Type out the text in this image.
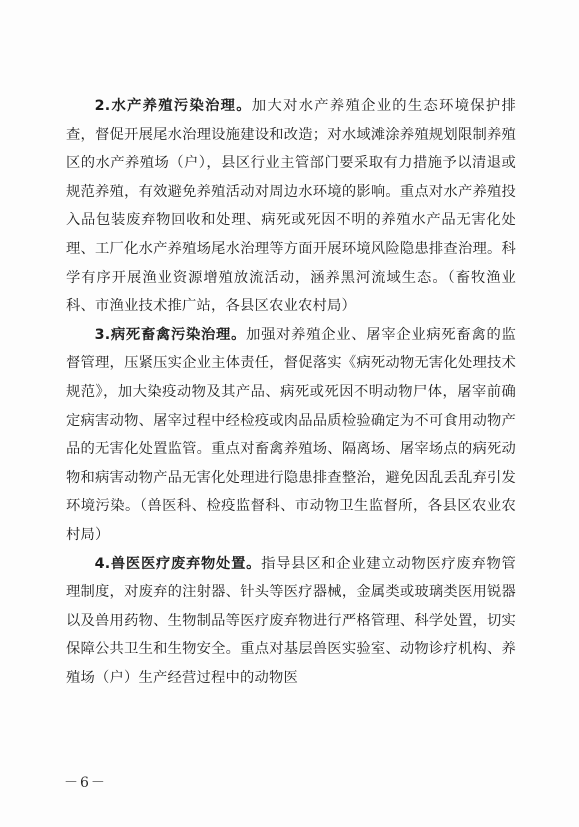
2.水产养殖污染治理。加大对水产养殖企业的生态环境保护排查，督促开展尾水治理设施建设和改造；对水域滩涂养殖规划限制养殖区的水产养殖场（户），县区行业主管部门要采取有力措施予以清退或规范养殖，有效避免养殖活动对周边水环境的影响。重点对水产养殖投入品包装废弃物回收和处理、病死或死因不明的养殖水产品无害化处理、工厂化水产养殖场尾水治理等方面开展环境风险隐患排查治理。科学有序开展渔业资源增殖放流活动，涵养黑河流域生态。（畜牧渔业科、市渔业技术推广站，各县区农业农村局）

3.病死畜禽污染治理。加强对养殖企业、屠宰企业病死畜禽的监督管理，压紧压实企业主体责任，督促落实《病死动物无害化处理技术规范》，加大染疫动物及其产品、病死或死因不明动物尸体，屠宰前确定病害动物、屠宰过程中经检疫或肉品品质检验确定为不可食用动物产品的无害化处置监管。重点对畜禽养殖场、隔离场、屠宰场点的病死动物和病害动物产品无害化处理进行隐患排查整治，避免因乱丢乱弃引发环境污染。（兽医科、检疫监督科、市动物卫生监督所，各县区农业农村局）

4.兽医医疗废弃物处置。指导县区和企业建立动物医疗废弃物管理制度，对废弃的注射器、针头等医疗器械，金属类或玻璃类医用锐器以及兽用药物、生物制品等医疗废弃物进行严格管理、科学处置，切实保障公共卫生和生物安全。重点对基层兽医实验室、动物诊疗机构、养殖场（户）生产经营过程中的动物医

－6－
